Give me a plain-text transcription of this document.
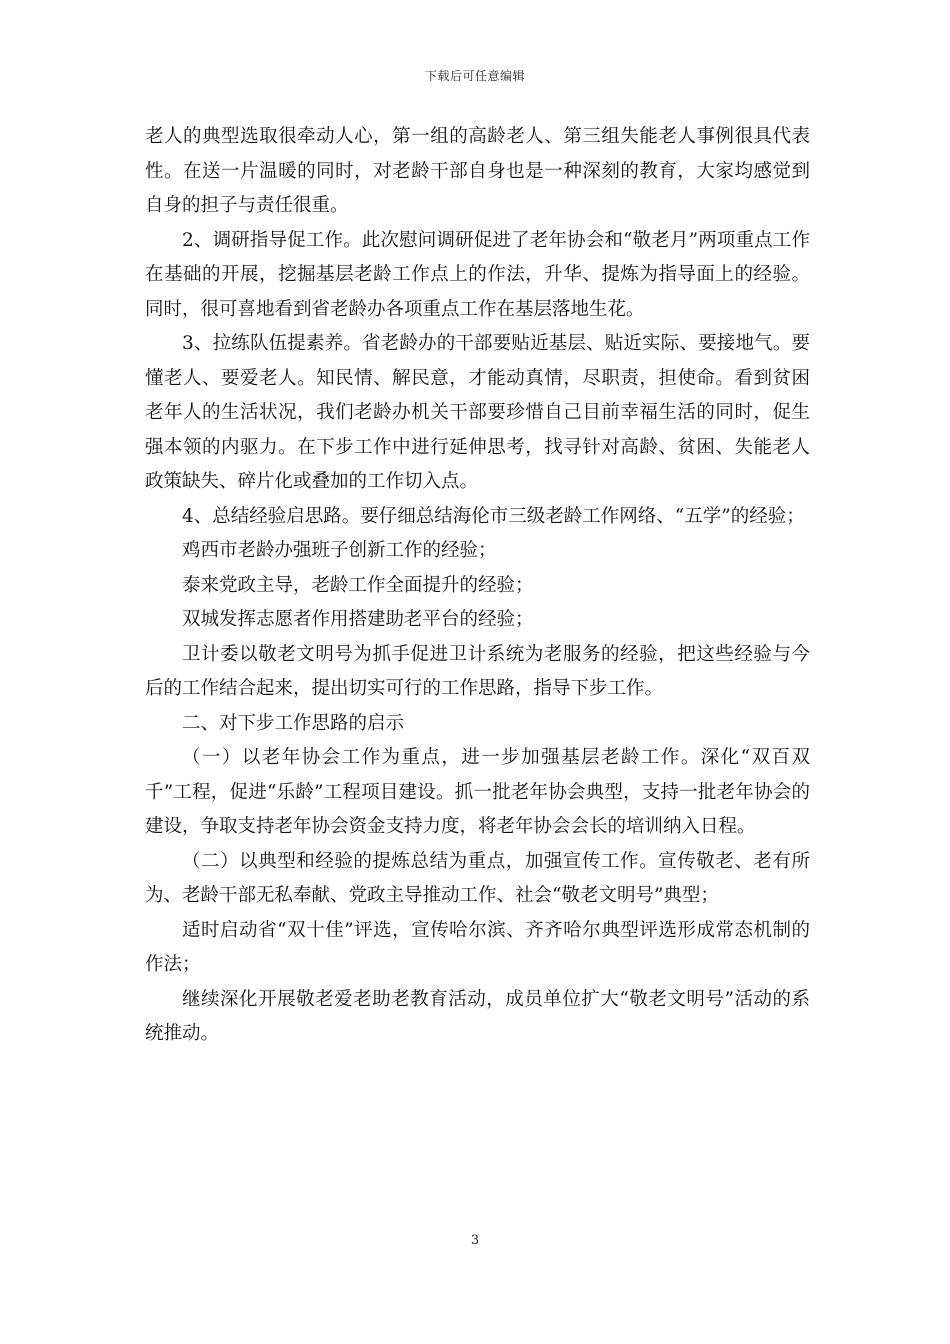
下载后可任意编辑

老人的典型选取很牵动人心，第一组的高龄老人、第三组失能老人事例很具代表性。在送一片温暖的同时，对老龄干部自身也是一种深刻的教育，大家均感觉到自身的担子与责任很重。

2、调研指导促工作。此次慰问调研促进了老年协会和“敬老月”两项重点工作在基础的开展，挖掘基层老龄工作点上的作法，升华、提炼为指导面上的经验。同时，很可喜地看到省老龄办各项重点工作在基层落地生花。

3、拉练队伍提素养。省老龄办的干部要贴近基层、贴近实际、要接地气。要懂老人、要爱老人。知民情、解民意，才能动真情，尽职责，担使命。看到贫困老年人的生活状况，我们老龄办机关干部要珍惜自己目前幸福生活的同时，促生强本领的内驱力。在下步工作中进行延伸思考，找寻针对高龄、贫困、失能老人政策缺失、碎片化或叠加的工作切入点。

4、总结经验启思路。要仔细总结海伦市三级老龄工作网络、“五学”的经验；

鸡西市老龄办强班子创新工作的经验；

泰来党政主导，老龄工作全面提升的经验；

双城发挥志愿者作用搭建助老平台的经验；

卫计委以敬老文明号为抓手促进卫计系统为老服务的经验，把这些经验与今后的工作结合起来，提出切实可行的工作思路，指导下步工作。

二、对下步工作思路的启示

（一）以老年协会工作为重点，进一步加强基层老龄工作。深化“双百双千”工程，促进“乐龄”工程项目建设。抓一批老年协会典型，支持一批老年协会的建设，争取支持老年协会资金支持力度，将老年协会会长的培训纳入日程。

（二）以典型和经验的提炼总结为重点，加强宣传工作。宣传敬老、老有所为、老龄干部无私奉献、党政主导推动工作、社会“敬老文明号”典型；

适时启动省“双十佳”评选，宣传哈尔滨、齐齐哈尔典型评选形成常态机制的作法；

继续深化开展敬老爱老助老教育活动，成员单位扩大“敬老文明号”活动的系统推动。

3
